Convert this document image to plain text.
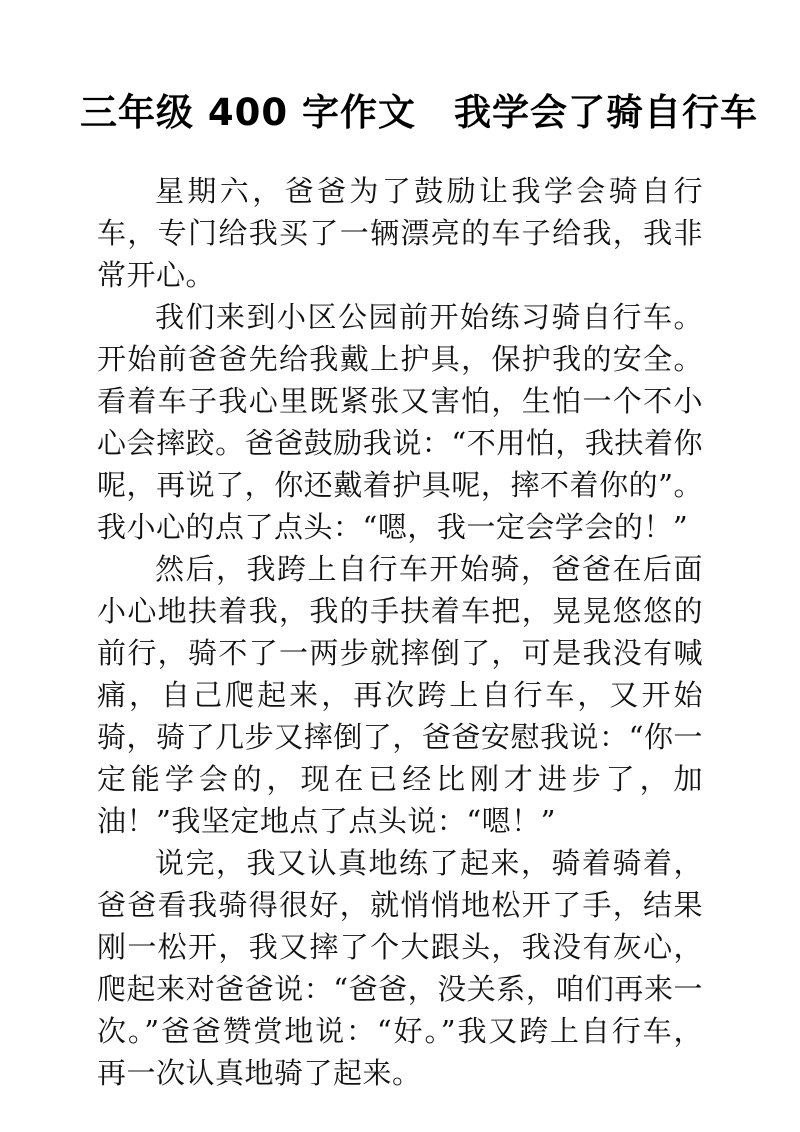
三年级 400 字作文　我学会了骑自行车

星期六，爸爸为了鼓励让我学会骑自行车，专门给我买了一辆漂亮的车子给我，我非常开心。

我们来到小区公园前开始练习骑自行车。开始前爸爸先给我戴上护具，保护我的安全。看着车子我心里既紧张又害怕，生怕一个不小心会摔跤。爸爸鼓励我说：“不用怕，我扶着你呢，再说了，你还戴着护具呢，摔不着你的”。我小心的点了点头：“嗯，我一定会学会的！”

然后，我跨上自行车开始骑，爸爸在后面小心地扶着我，我的手扶着车把，晃晃悠悠的前行，骑不了一两步就摔倒了，可是我没有喊痛，自己爬起来，再次跨上自行车，又开始骑，骑了几步又摔倒了，爸爸安慰我说：“你一定能学会的，现在已经比刚才进步了，加油！”我坚定地点了点头说：“嗯！”

说完，我又认真地练了起来，骑着骑着，爸爸看我骑得很好，就悄悄地松开了手，结果刚一松开，我又摔了个大跟头，我没有灰心，爬起来对爸爸说：“爸爸，没关系，咱们再来一次。”爸爸赞赏地说：“好。”我又跨上自行车，再一次认真地骑了起来。
